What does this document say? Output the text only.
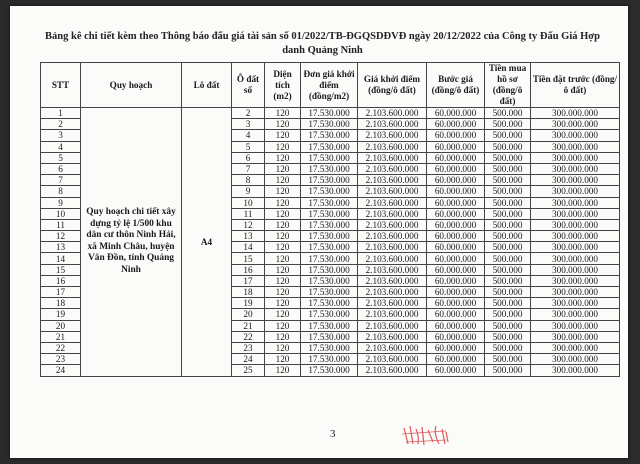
Bảng kê chi tiết kèm theo Thông báo đấu giá tài sản số 01/2022/TB-ĐGQSDĐVĐ ngày 20/12/2022 của Công ty Đấu Giá Hợp
danh Quảng Ninh
STT	Quy hoạch	Lô đất	Ô đất số	Diện tích (m2)	Đơn giá khởi điểm (đồng/m2)	Giá khởi điểm (đồng/ô đất)	Bước giá (đồng/ô đất)	Tiền mua hồ sơ (đồng/ô đất)	Tiền đặt trước (đồng/ô đất)
1	Quy hoạch chi tiết xây dựng tỷ lệ 1/500 khu dân cư thôn Ninh Hải, xã Minh Châu, huyện Vân Đồn, tỉnh Quảng Ninh	A4	2	120	17.530.000	2.103.600.000	60.000.000	500.000	300.000.000
2			3	120	17.530.000	2.103.600.000	60.000.000	500.000	300.000.000
3			4	120	17.530.000	2.103.600.000	60.000.000	500.000	300.000.000
4			5	120	17.530.000	2.103.600.000	60.000.000	500.000	300.000.000
5			6	120	17.530.000	2.103.600.000	60.000.000	500.000	300.000.000
6			7	120	17.530.000	2.103.600.000	60.000.000	500.000	300.000.000
7			8	120	17.530.000	2.103.600.000	60.000.000	500.000	300.000.000
8			9	120	17.530.000	2.103.600.000	60.000.000	500.000	300.000.000
9			10	120	17.530.000	2.103.600.000	60.000.000	500.000	300.000.000
10			11	120	17.530.000	2.103.600.000	60.000.000	500.000	300.000.000
11			12	120	17.530.000	2.103.600.000	60.000.000	500.000	300.000.000
12			13	120	17.530.000	2.103.600.000	60.000.000	500.000	300.000.000
13			14	120	17.530.000	2.103.600.000	60.000.000	500.000	300.000.000
14			15	120	17.530.000	2.103.600.000	60.000.000	500.000	300.000.000
15			16	120	17.530.000	2.103.600.000	60.000.000	500.000	300.000.000
16			17	120	17.530.000	2.103.600.000	60.000.000	500.000	300.000.000
17			18	120	17.530.000	2.103.600.000	60.000.000	500.000	300.000.000
18			19	120	17.530.000	2.103.600.000	60.000.000	500.000	300.000.000
19			20	120	17.530.000	2.103.600.000	60.000.000	500.000	300.000.000
20			21	120	17.530.000	2.103.600.000	60.000.000	500.000	300.000.000
21			22	120	17.530.000	2.103.600.000	60.000.000	500.000	300.000.000
22			23	120	17.530.000	2.103.600.000	60.000.000	500.000	300.000.000
23			24	120	17.530.000	2.103.600.000	60.000.000	500.000	300.000.000
24			25	120	17.530.000	2.103.600.000	60.000.000	500.000	300.000.000
3
